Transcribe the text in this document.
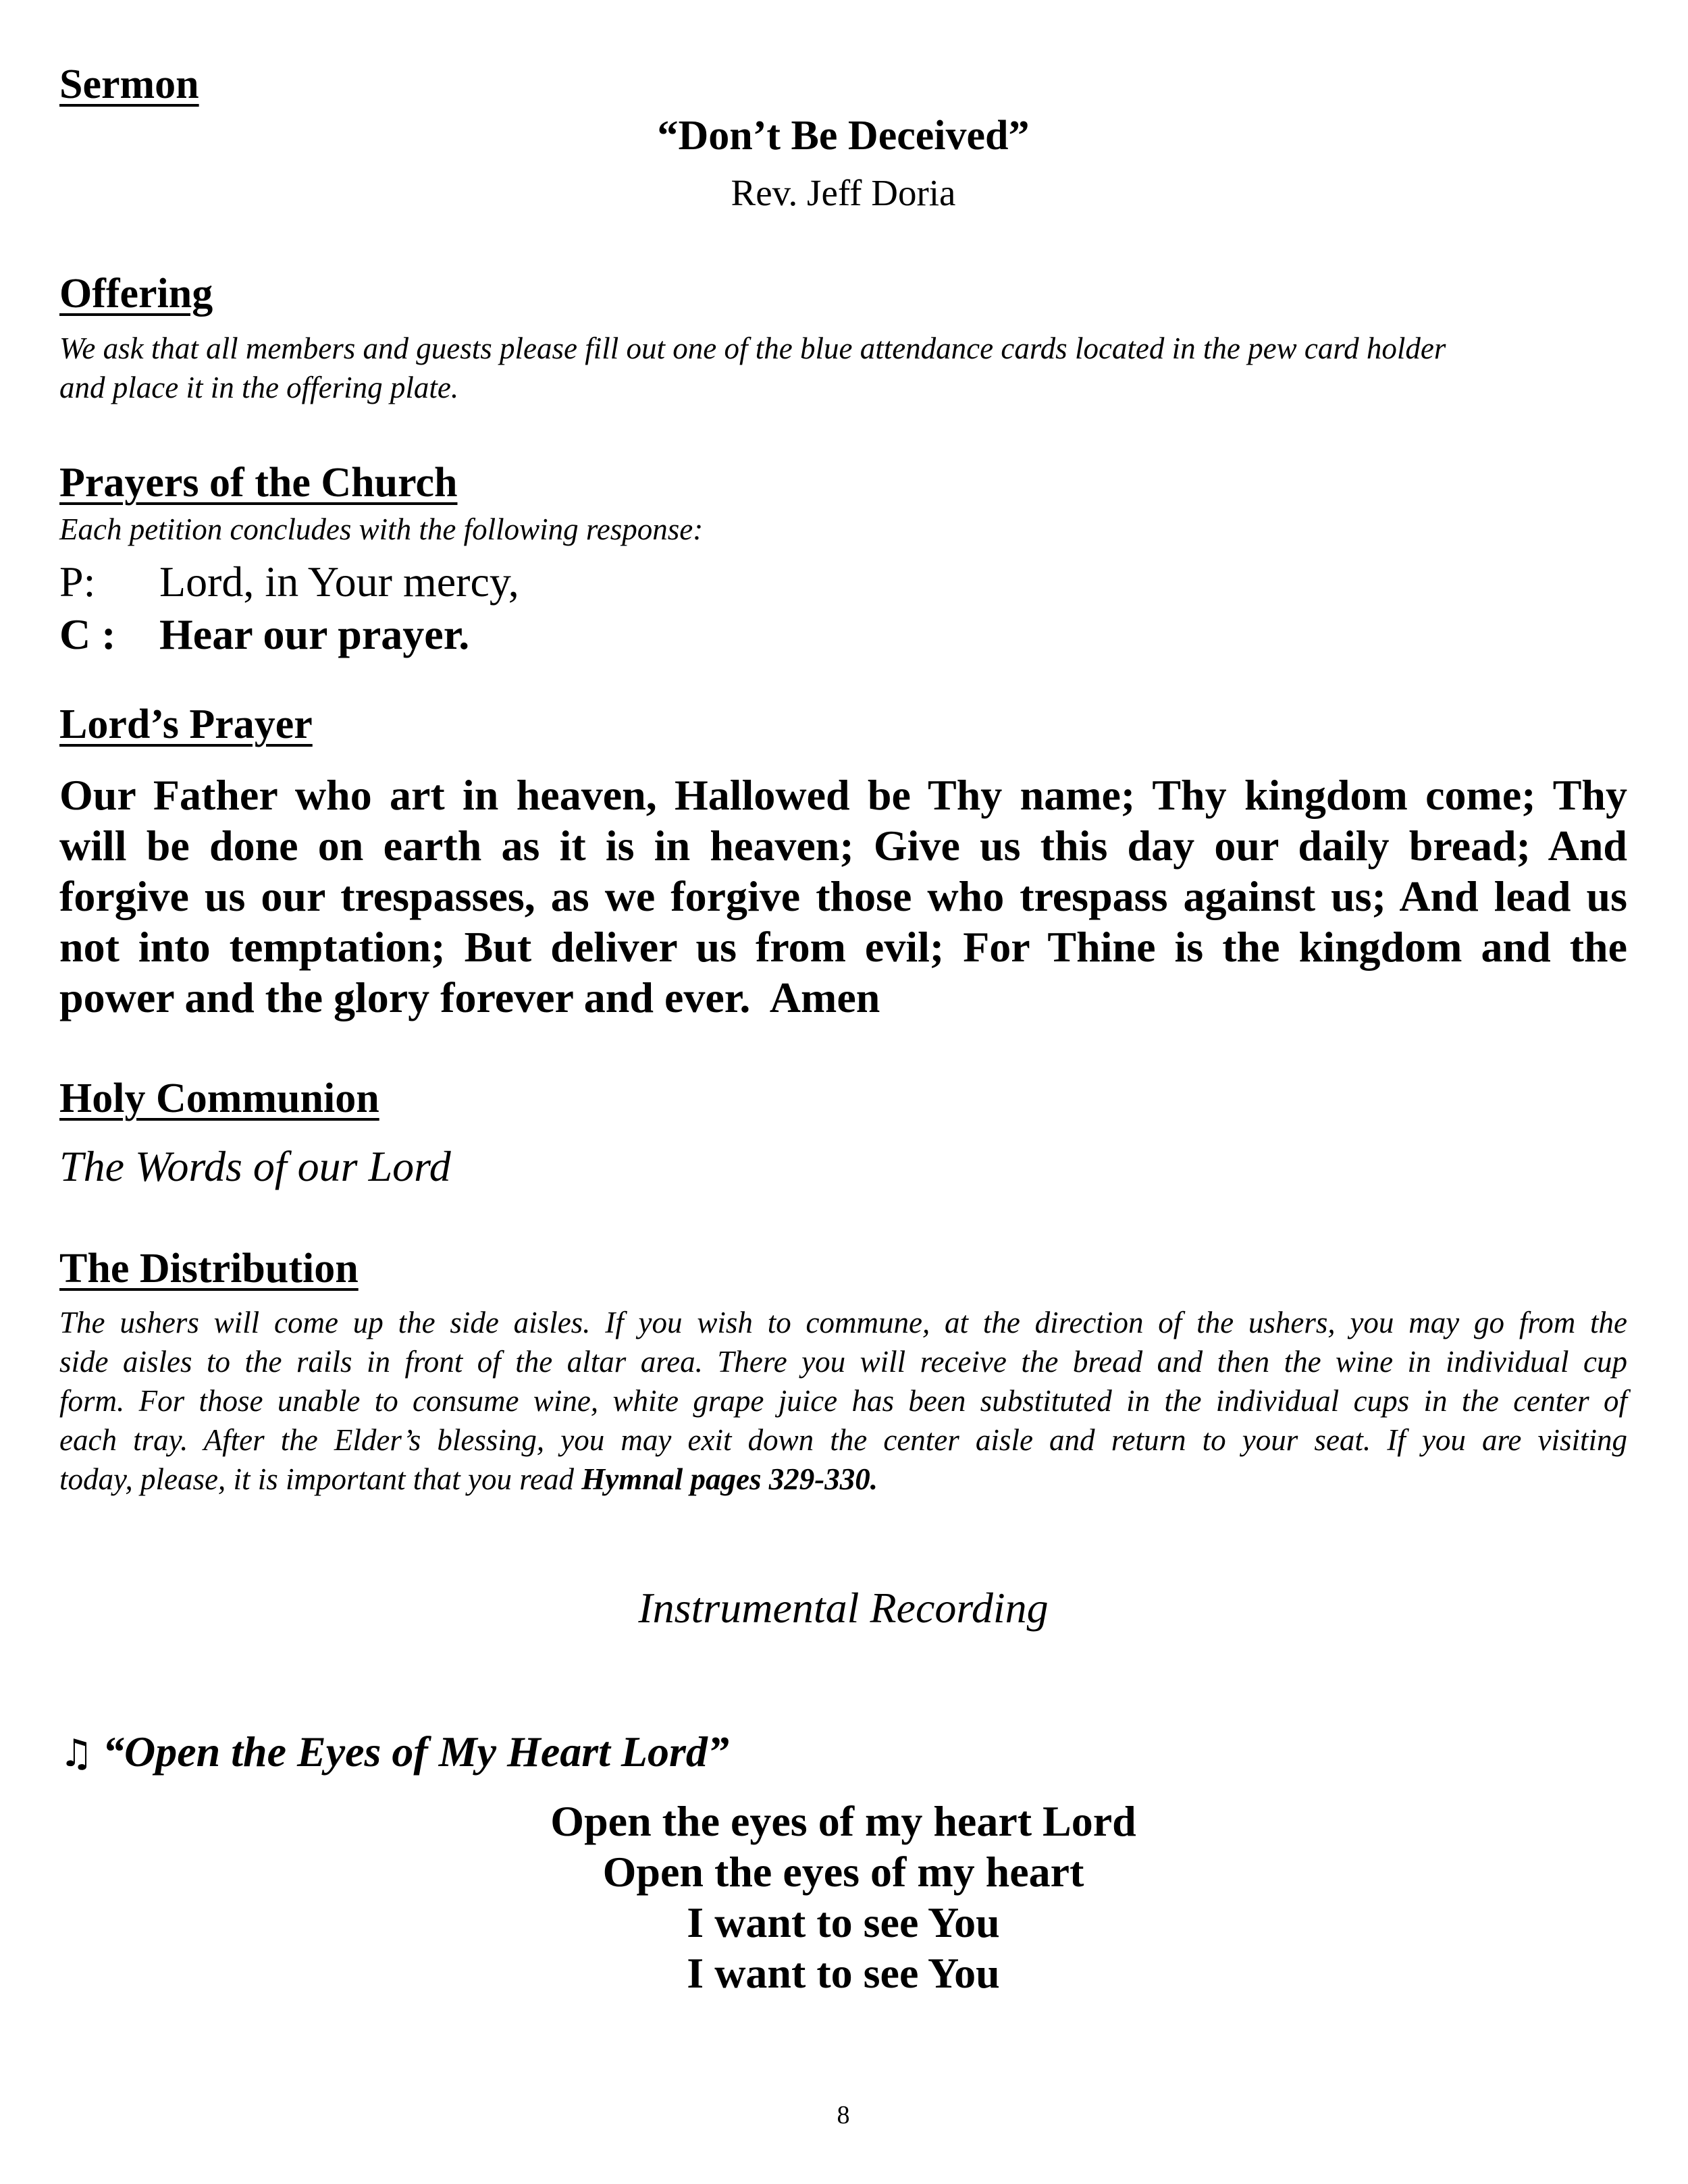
Sermon
“Don’t Be Deceived”
Rev. Jeff Doria
Offering
We ask that all members and guests please fill out one of the blue attendance cards located in the pew card holder
and place it in the offering plate.
Prayers of the Church
Each petition concludes with the following response:
P: Lord, in Your mercy,
C : Hear our prayer.
Lord’s Prayer
Our Father who art in heaven, Hallowed be Thy name; Thy kingdom come; Thy
will be done on earth as it is in heaven; Give us this day our daily bread; And
forgive us our trespasses, as we forgive those who trespass against us; And lead us
not into temptation; But deliver us from evil; For Thine is the kingdom and the
power and the glory forever and ever.  Amen
Holy Communion
The Words of our Lord
The Distribution
The ushers will come up the side aisles. If you wish to commune, at the direction of the ushers, you may go from the
side aisles to the rails in front of the altar area. There you will receive the bread and then the wine in individual cup
form. For those unable to consume wine, white grape juice has been substituted in the individual cups in the center of
each tray. After the Elder’s blessing, you may exit down the center aisle and return to your seat. If you are visiting
today, please, it is important that you read Hymnal pages 329-330.
Instrumental Recording
♫ “Open the Eyes of My Heart Lord”
Open the eyes of my heart Lord
Open the eyes of my heart
I want to see You
I want to see You
8
